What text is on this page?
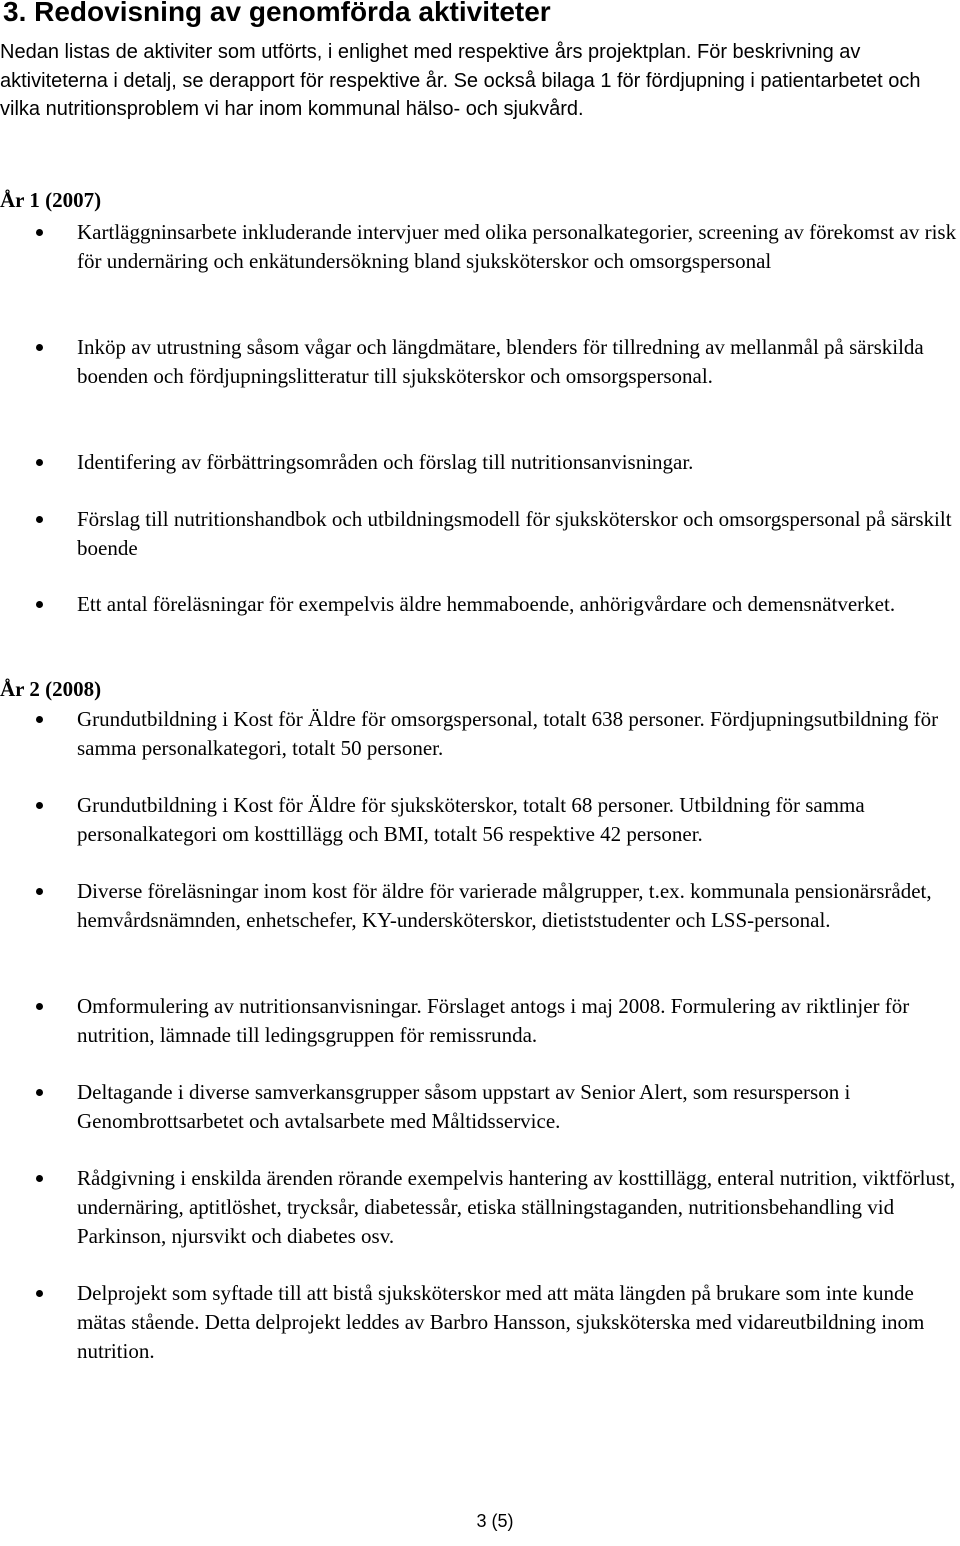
3. Redovisning av genomförda aktiviteter

Nedan listas de aktiviter som utförts, i enlighet med respektive års projektplan. För beskrivning av aktiviteterna i detalj, se derapport för respektive år. Se också bilaga 1 för fördjupning i patientarbetet och vilka nutritionsproblem vi har inom kommunal hälso- och sjukvård.

År 1 (2007)

Kartläggninsarbete inkluderande intervjuer med olika personalkategorier, screening av förekomst av risk för undernäring och enkätundersökning bland sjuksköterskor och omsorgspersonal

Inköp av utrustning såsom vågar och längdmätare, blenders för tillredning av mellanmål på särskilda boenden och fördjupningslitteratur till sjuksköterskor och omsorgspersonal.

Identifering av förbättringsområden och förslag till nutritionsanvisningar.

Förslag till nutritionshandbok och utbildningsmodell för sjuksköterskor och omsorgspersonal på särskilt boende

Ett antal föreläsningar för exempelvis äldre hemmaboende, anhörigvårdare och demensnätverket.

År 2 (2008)

Grundutbildning i Kost för Äldre för omsorgspersonal, totalt 638 personer. Fördjupningsutbildning för samma personalkategori, totalt 50 personer.

Grundutbildning i Kost för Äldre för sjuksköterskor, totalt 68 personer. Utbildning för samma personalkategori om kosttillägg och BMI, totalt 56 respektive 42 personer.

Diverse föreläsningar inom kost för äldre för varierade målgrupper, t.ex. kommunala pensionärsrådet, hemvårdsnämnden, enhetschefer, KY-undersköterskor, dietiststudenter och LSS-personal.

Omformulering av nutritionsanvisningar. Förslaget antogs i maj 2008. Formulering av riktlinjer för nutrition, lämnade till ledingsgruppen för remissrunda.

Deltagande i diverse samverkansgrupper såsom uppstart av Senior Alert, som resursperson i Genombrottsarbetet och avtalsarbete med Måltidsservice.

Rådgivning i enskilda ärenden rörande exempelvis hantering av kosttillägg, enteral nutrition, viktförlust, undernäring, aptitlöshet, trycksår, diabetessår, etiska ställningstaganden, nutritionsbehandling vid Parkinson, njursvikt och diabetes osv.

Delprojekt som syftade till att bistå sjuksköterskor med att mäta längden på brukare som inte kunde mätas stående. Detta delprojekt leddes av Barbro Hansson, sjuksköterska med vidareutbildning inom nutrition.

3 (5)
